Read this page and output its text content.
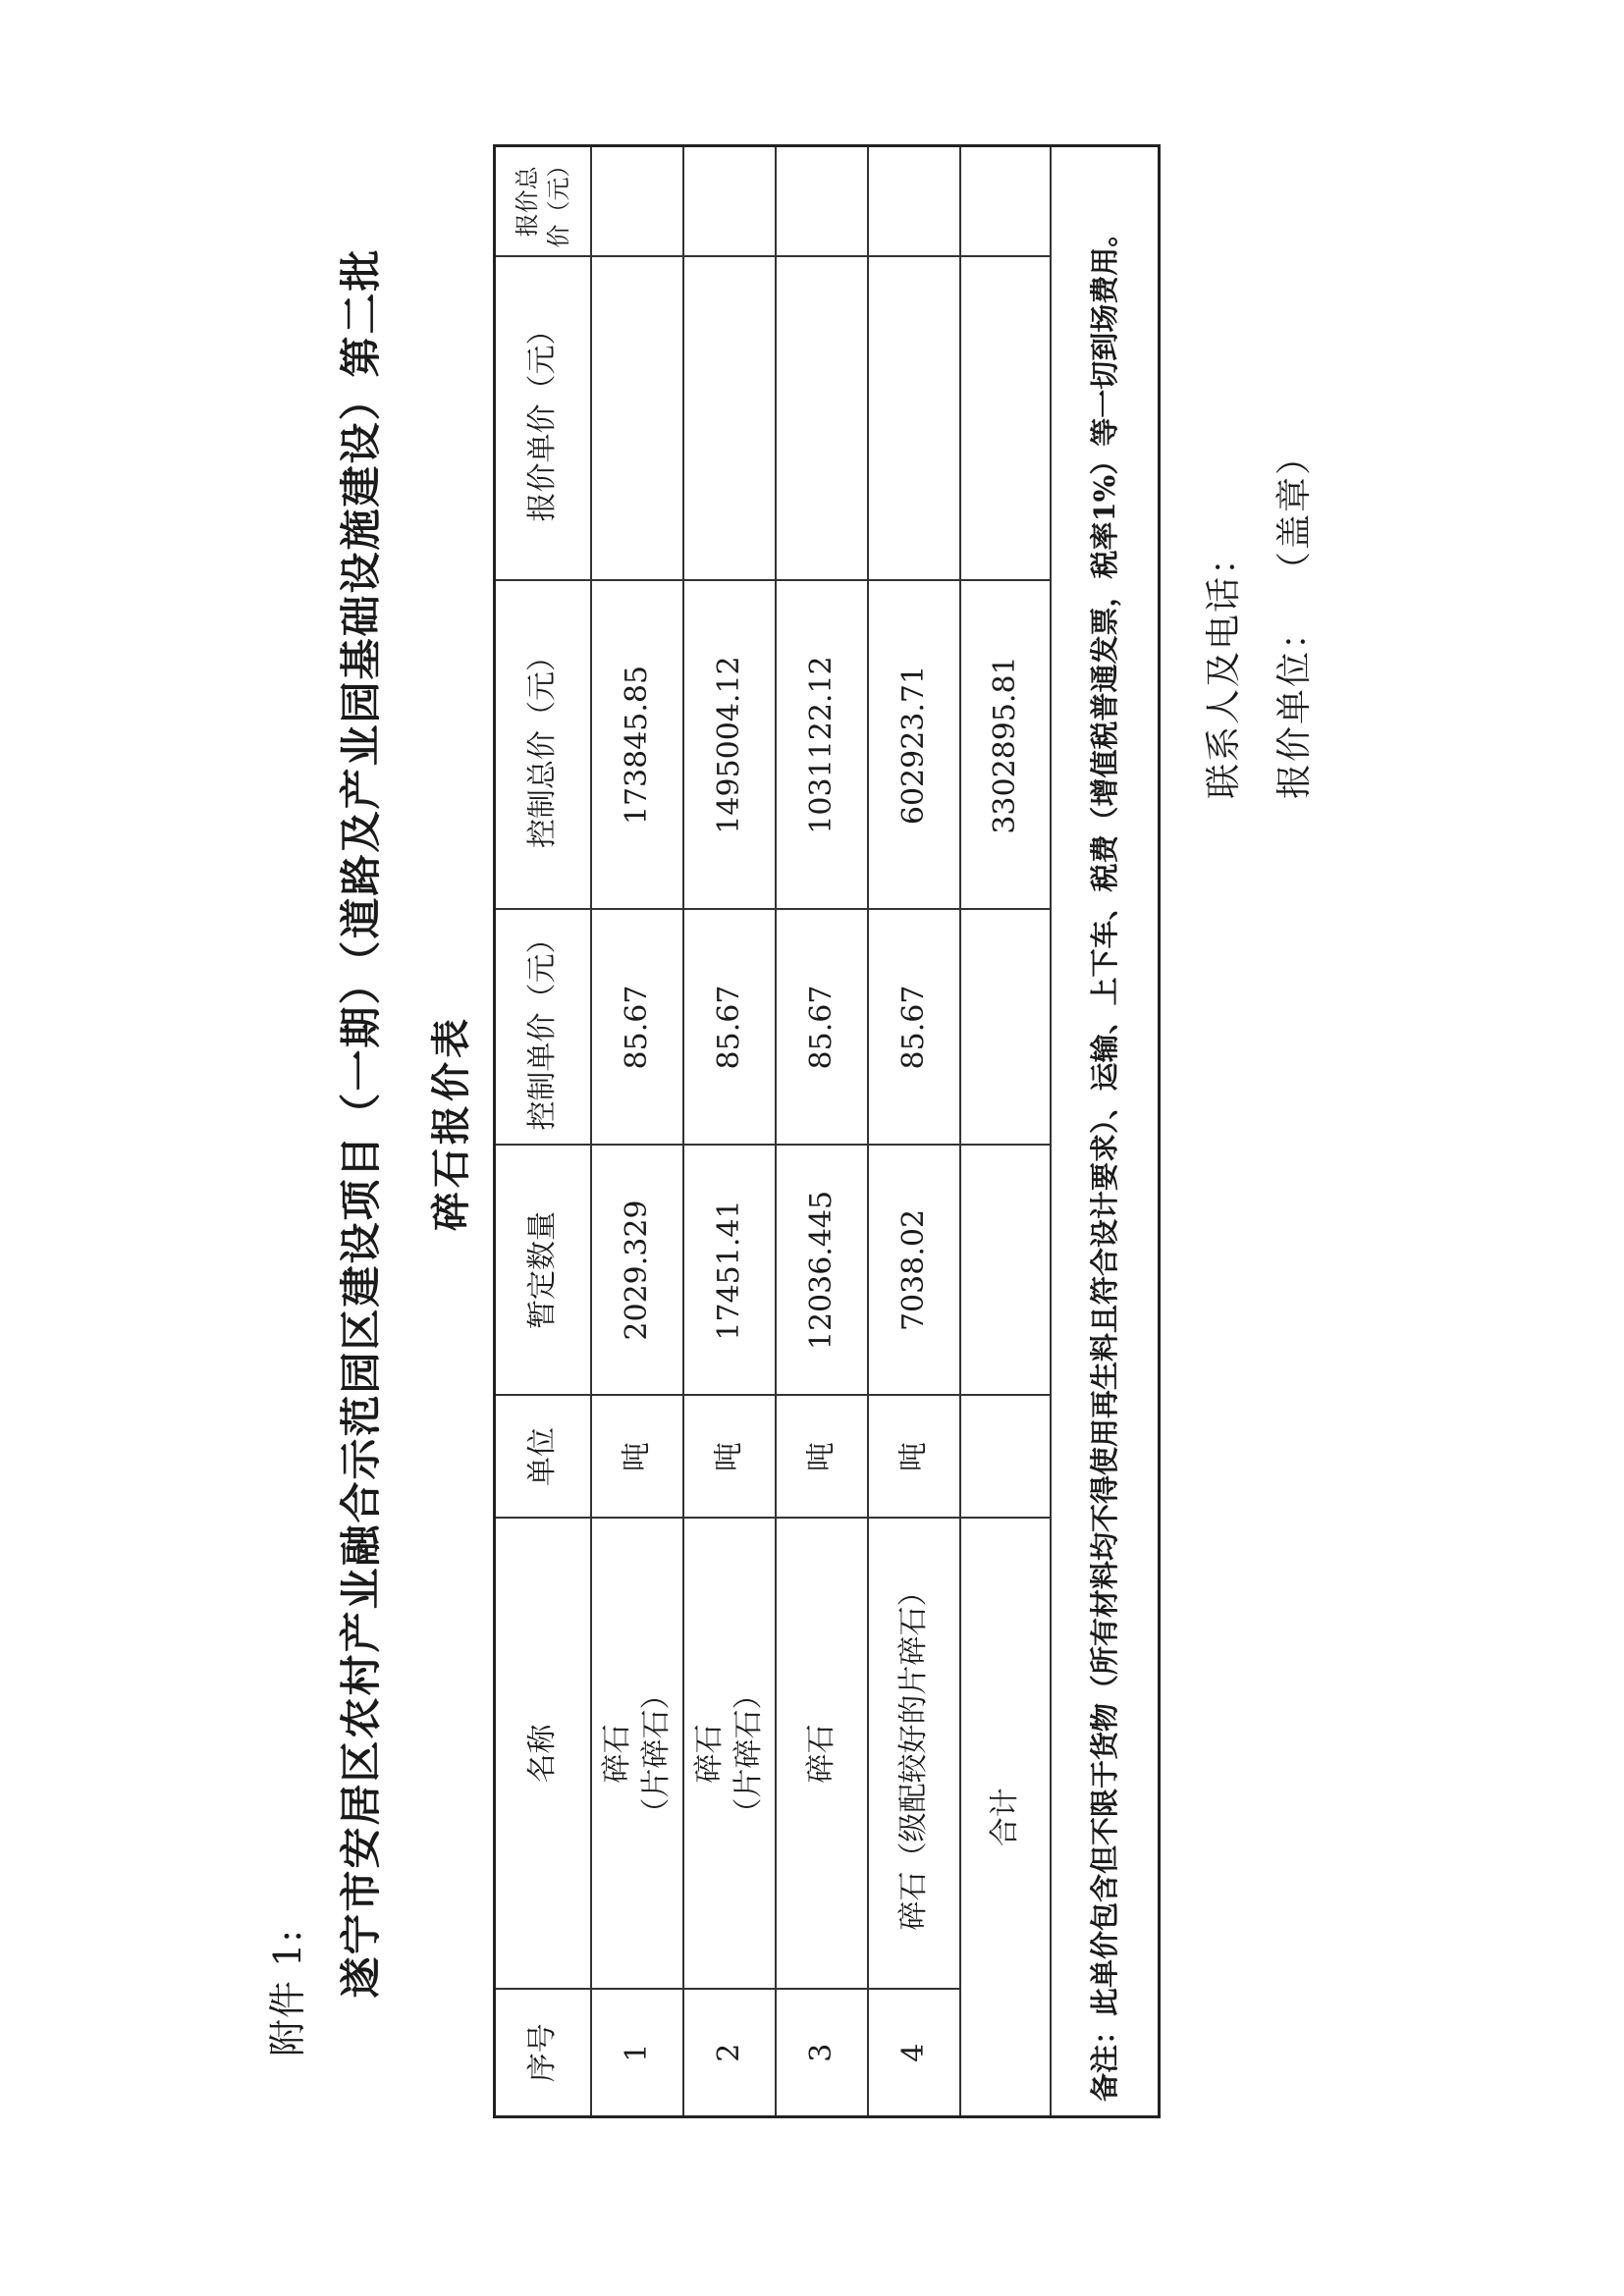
附件 1: 遂宁市安居区农村产业融合示范园区建设项目（一期）（道路及产业园基础设施建设）第二批 碎石报价表
序号	名称	单位	暂定数量	控制单价（元）	控制总价（元）	报价单价（元）	报价总价（元）
1	碎石 （片碎石）	吨	2029.329	85.67	173845.85		
2	碎石 （片碎石）	吨	17451.41	85.67	1495004.12		
3	碎石	吨	12036.445	85.67	1031122.12		
4	碎石（级配较好的片碎石）	吨	7038.02	85.67	602923.71		
合计					3302895.81		
备注：此单价包含但不限于货物（所有材料均不得使用再生料且符合设计要求）、运输、上下车、税费（增值税普通发票，税率1%）等一切到场费用。							联系人及电话： 报价单位：（盖章）
